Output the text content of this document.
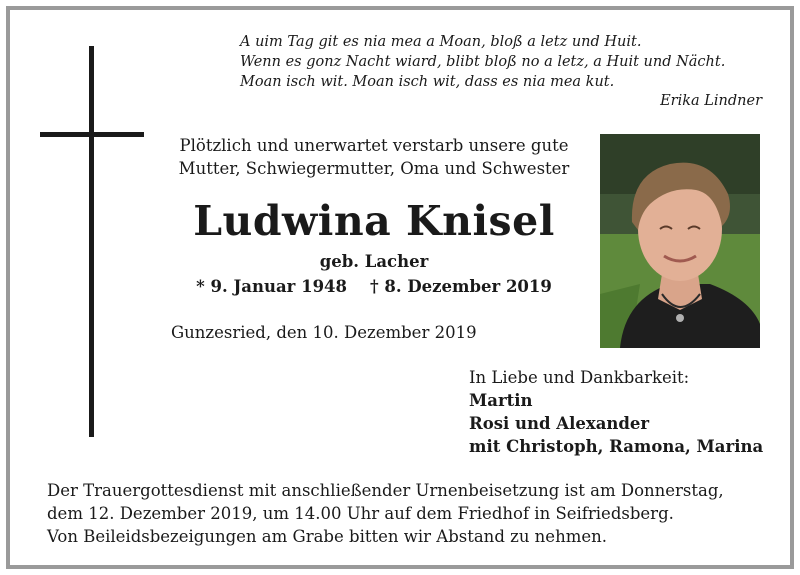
A uim Tag git es nia mea a Moan, bloß a letz und Huit.
Wenn es gonz Nacht wiard, blibt bloß no a letz, a Huit und Nächt.
Moan isch wit. Moan isch wit, dass es nia mea kut.
Erika Lindner
Plötzlich und unerwartet verstarb unsere gute
Mutter, Schwiegermutter, Oma und Schwester
Ludwina Knisel
geb. Lacher
* 9. Januar 1948 † 8. Dezember 2019
Gunzesried, den 10. Dezember 2019
In Liebe und Dankbarkeit:
Martin
Rosi und Alexander
mit Christoph, Ramona, Marina
Der Trauergottesdienst mit anschließender Urnenbeisetzung ist am Donnerstag,
dem 12. Dezember 2019, um 14.00 Uhr auf dem Friedhof in Seifriedsberg.
Von Beileidsbezeigungen am Grabe bitten wir Abstand zu nehmen.
